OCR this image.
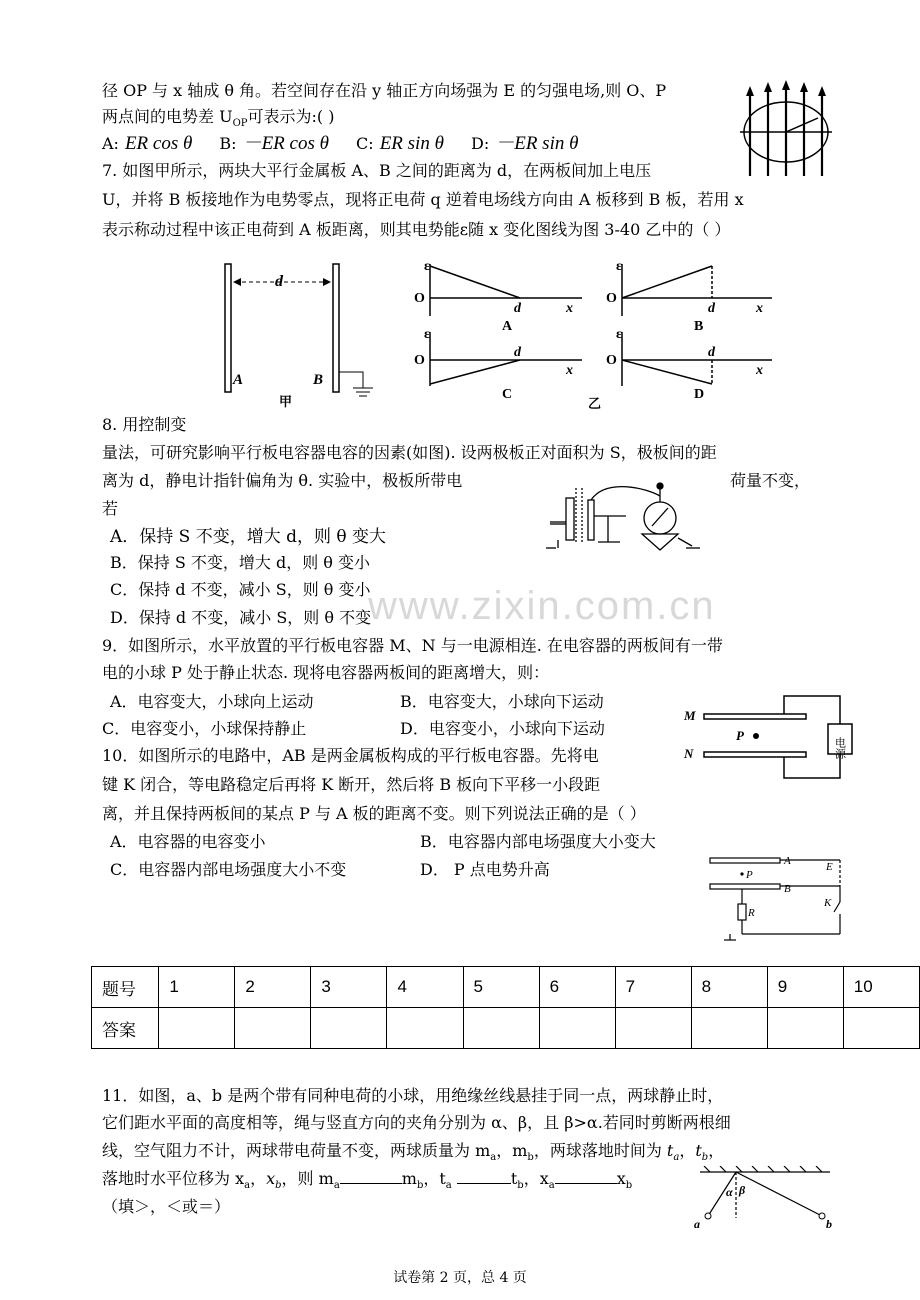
径 OP 与 x 轴成 θ 角。若空间存在沿 y 轴正方向场强为 E 的匀强电场,则 O、P
两点间的电势差 $U_{OP}$可表示为:( )
A: ER cos θ B: －ER cos θ C: ER sin θ D: －ER sin θ
7. 如图甲所示，两块大平行金属板 A、B 之间的距离为 d，在两板间加上电压
U，并将 B 板接地作为电势零点，现将正电荷 q 逆着电场线方向由 A 板移到 B 板，若用 x
表示称动过程中该正电荷到 A 板距离，则其电势能ε随 x 变化图线为图 3-40 乙中的（ ）
d
A	B
甲
O	O
O	O
ε	ε
ε	ε
x	x
x	x
d	d
d	d
A	B
C	D
乙
8. 用控制变
量法，可研究影响平行板电容器电容的因素(如图). 设两极板正对面积为 S，极板间的距
离为 d，静电计指针偏角为 θ. 实验中，极板所带电	荷量不变，
若
A．保持 S 不变，增大 d，则 θ 变大
B．保持 S 不变，增大 d，则 θ 变小
C．保持 d 不变，减小 S，则 θ 变小
D．保持 d 不变，减小 S，则 θ 不变
www.zixin.com.cn
9．如图所示，水平放置的平行板电容器 M、N 与一电源相连. 在电容器的两板间有一带
电的小球 P 处于静止状态. 现将电容器两板间的距离增大，则：
A．电容变大，小球向上运动	B．电容变大，小球向下运动
C．电容变小，小球保持静止	D．电容变小，小球向下运动
M
N
P
电源
10．如图所示的电路中，AB 是两金属板构成的平行板电容器。先将电
键 K 闭合，等电路稳定后再将 K 断开，然后将 B 板向下平移一小段距
离，并且保持两板间的某点 P 与 A 板的距离不变。则下列说法正确的是（ ）
A．电容器的电容变小	B．电容器内部电场强度大小变大
C．电容器内部电场强度大小不变	D． P 点电势升高	A
B
P
R
E
K
题号	1	2	3	4	5	6	7	8	9	10
答案										
11．如图，a、b 是两个带有同种电荷的小球，用绝缘丝线悬挂于同一点，两球静止时，
它们距水平面的高度相等，绳与竖直方向的夹角分别为 α、β，且 β>α.若同时剪断两根细
线，空气阻力不计，两球带电荷量不变，两球质量为 $m_a$，$m_b$，两球落地时间为 $t_a$，$t_b$，
落地时水平位移为 $x_a$，$x_b$，则 $m_a$	$m_b$，$t_a$	$t_b$，$x_a$	$x_b$
（填＞，＜或＝）
α β
a	b
试卷第 2 页，总 4 页
